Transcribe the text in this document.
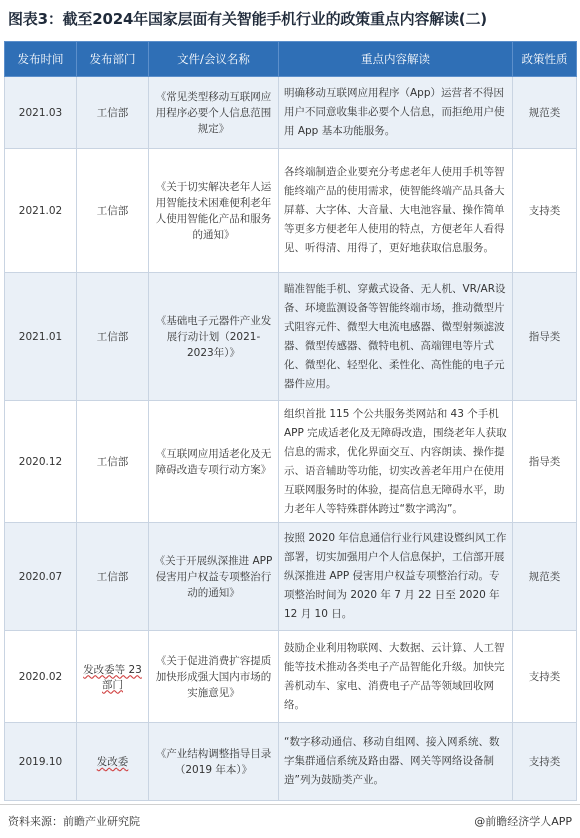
图表3：截至2024年国家层面有关智能手机行业的政策重点内容解读(二)
发布时间	发布部门	文件/会议名称	重点内容解读	政策性质
2021.03	工信部	《常见类型移动互联网应用程序必要个人信息范围规定》	明确移动互联网应用程序（App）运营者不得因用户不同意收集非必要个人信息，而拒绝用户使用 App 基本功能服务。	规范类
2021.02	工信部	《关于切实解决老年人运用智能技术困难便利老年人使用智能化产品和服务的通知》	各终端制造企业要充分考虑老年人使用手机等智能终端产品的使用需求，使智能终端产品具备大屏幕、大字体、大音量、大电池容量、操作简单等更多方便老年人使用的特点，方便老年人看得见、听得清、用得了，更好地获取信息服务。	支持类
2021.01	工信部	《基础电子元器件产业发展行动计划（2021-2023年）》	瞄准智能手机、穿戴式设备、无人机、VR/AR设备、环境监测设备等智能终端市场，推动微型片式阻容元件、微型大电流电感器、微型射频滤波器、微型传感器、微特电机、高端锂电等片式化、微型化、轻型化、柔性化、高性能的电子元器件应用。	指导类
2020.12	工信部	《互联网应用适老化及无障碍改造专项行动方案》	组织首批 115 个公共服务类网站和 43 个手机 APP 完成适老化及无障碍改造，围绕老年人获取信息的需求，优化界面交互、内容朗读、操作提示、语音辅助等功能，切实改善老年用户在使用互联网服务时的体验，提高信息无障碍水平，助力老年人等特殊群体跨过“数字鸿沟”。	指导类
2020.07	工信部	《关于开展纵深推进 APP 侵害用户权益专项整治行动的通知》	按照 2020 年信息通信行业行风建设暨纠风工作部署，切实加强用户个人信息保护，工信部开展纵深推进 APP 侵害用户权益专项整治行动。专项整治时间为 2020 年 7 月 22 日至 2020 年 12 月 10 日。	规范类
2020.02	发改委等 23 部门	《关于促进消费扩容提质加快形成强大国内市场的实施意见》	鼓励企业利用物联网、大数据、云计算、人工智能等技术推动各类电子产品智能化升级。加快完善机动车、家电、消费电子产品等领域回收网络。	支持类
2019.10	发改委	《产业结构调整指导目录（2019 年本）》	“数字移动通信、移动自组网、接入网系统、数字集群通信系统及路由器、网关等网络设备制造”列为鼓励类产业。	支持类
资料来源：前瞻产业研究院	@前瞻经济学人APP
